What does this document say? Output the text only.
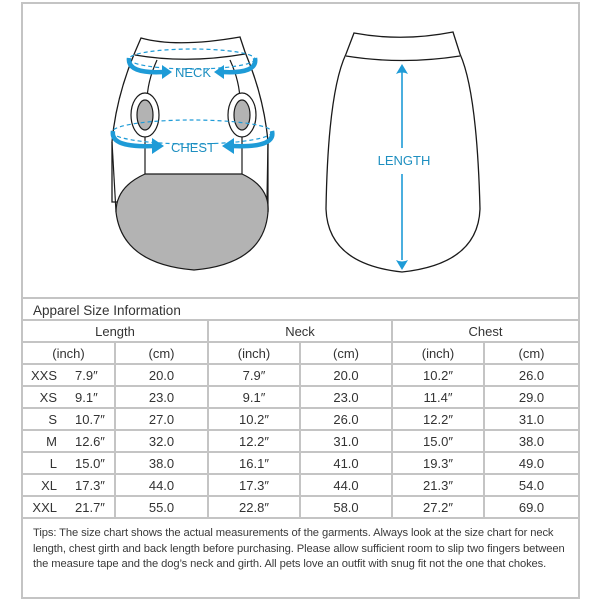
NECK
CHEST
LENGTH
Apparel Size Information
Length	Neck	Chest
(inch)	(cm)	(inch)	(cm)	(inch)	(cm)
XXS 7.9″	20.0	7.9″	20.0	10.2″	26.0
XS 9.1″	23.0	9.1″	23.0	11.4″	29.0
S 10.7″	27.0	10.2″	26.0	12.2″	31.0
M 12.6″	32.0	12.2″	31.0	15.0″	38.0
L 15.0″	38.0	16.1″	41.0	19.3″	49.0
XL 17.3″	44.0	17.3″	44.0	21.3″	54.0
XXL 21.7″	55.0	22.8″	58.0	27.2″	69.0
Tips: The size chart shows the actual measurements of the garments. Always look at the size chart for neck length, chest girth and back length before purchasing. Please allow sufficient room to slip two fingers between the measure tape and the dog’s neck and girth. All pets love an outfit with snug fit not the one that chokes.
